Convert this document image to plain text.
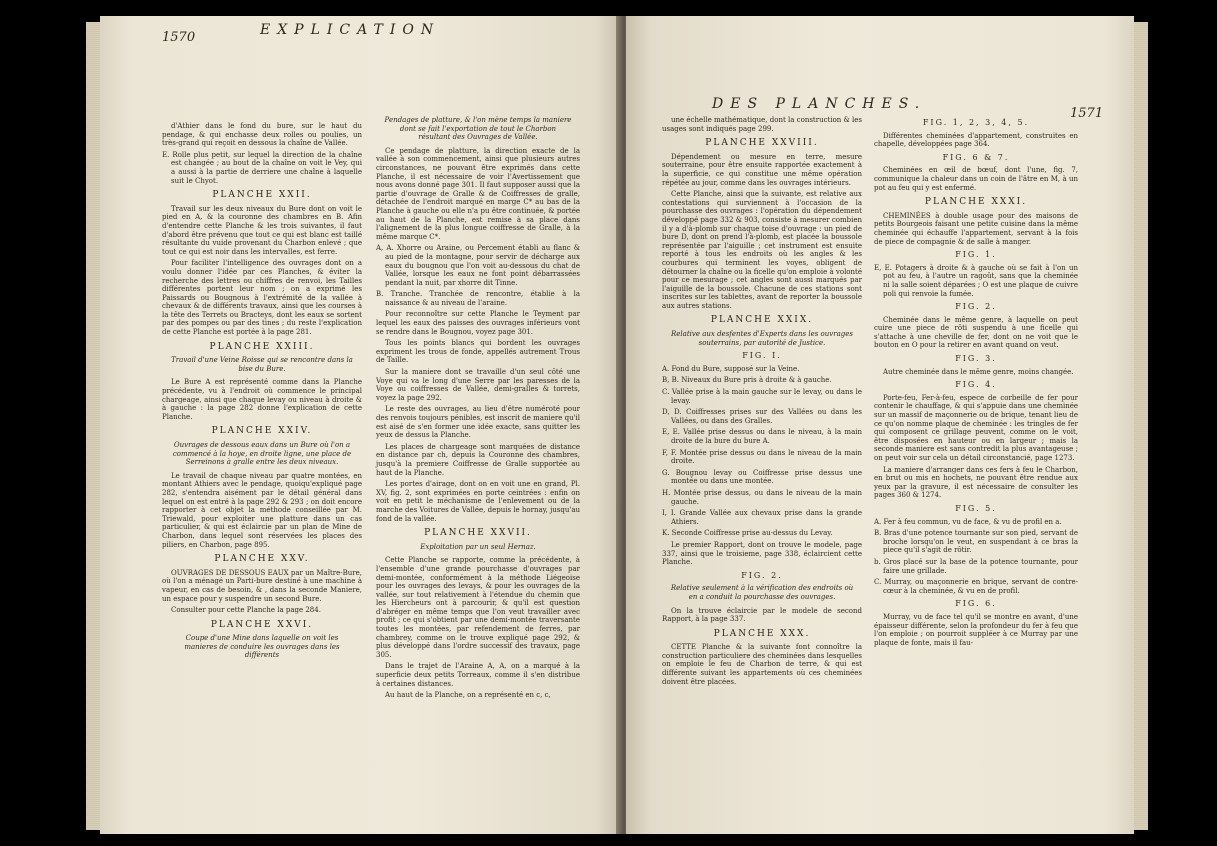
1570	EXPLICATION

d'Athier dans le fond du bure, sur le haut du pendage, & qui enchasse deux rolles ou poulies, un très-grand qui reçoit en dessous la chaîne de Vallée.

E. Rolle plus petit, sur lequel la direction de la chaîne est changée ; au bout de la chaîne on voit le Vey, qui a aussi à la partie de derriere une chaîne à laquelle suit le Chyot.

PLANCHE XXII.

Travail sur les deux niveaux du Bure dont on voit le pied en A, & la couronne des chambres en B. Afin d'entendre cette Planche & les trois suivantes, il faut d'abord être prévenu que tout ce qui est blanc est taillé résultante du vuide provenant du Charbon enlevé ; que tout ce qui est noir dans les intervalles, est ferre.

Pour faciliter l'intelligence des ouvrages dont on a voulu donner l'idée par ces Planches, & éviter la recherche des lettres ou chiffres de renvoi, les Tailles différentes portent leur nom ; on a exprimé les Paissards ou Bougnous à l'extrémité de la vallée à chevaux & de différents travaux, ainsi que les courses à la tête des Terrets ou Bracteys, dont les eaux se sortent par des pompes ou par des tines ; du reste l'explication de cette Planche est portée à la page 281.

PLANCHE XXIII.

Travail d'une Veine Roisse qui se rencontre dans la bise du Bure.

Le Bure A est représenté comme dans la Planche précédente, vu à l'endroit où commence le principal chargeage, ainsi que chaque levay ou niveau à droite & à gauche : la page 282 donne l'explication de cette Planche.

PLANCHE XXIV.

Ouvrages de dessous eaux dans un Bure où l'on a commencé à la hoye, en droite ligne, une place de Serreinons à gralle entre les deux niveaux.

Le travail de chaque niveau par quatre montées, en montant Athiers avec le pendage, quoiqu'expliqué page 282, s'entendra aisément par le détail général dans lequel on est entré à la page 292 & 293 ; on doit encore rapporter à cet objet la méthode conseillée par M. Triewald, pour exploiter une platture dans un cas particulier, & qui est éclaircie par un plan de Mine de Charbon, dans lequel sont réservées les places des piliers, en Charbon, page 895.

PLANCHE XXV.

OUVRAGES DE DESSOUS EAUX par un Maître-Bure, où l'on a ménagé un Parti-bure destiné à une machine à vapeur, en cas de besoin, & , dans la seconde Maniere, un espace pour y suspendre un second Bure.

Consulter pour cette Planche la page 284.

PLANCHE XXVI.

Coupe d'une Mine dans laquelle on voit les manieres de conduire les ouvrages dans les différents

Pendages de platture, & l'on mène temps la maniere dont se fait l'exportation de tout le Charbon résultant des Ouvrages de Vallée.

Ce pendage de platture, la direction exacte de la vallée à son commencement, ainsi que plusieurs autres circonstances, ne pouvant être exprimés dans cette Planche, il est nécessaire de voir l'Avertissement que nous avons donné page 301. Il faut supposer aussi que la partie d'ouvrage de Gralle & de Coiffresses de gralle, détachée de l'endroit marqué en marge C* au bas de la Planche à gauche ou elle n'a pu être continuée, & portée au haut de la Planche, est remise à sa place dans l'alignement de la plus longue coiffresse de Gralle, à la même marque C*.

A, A. Xhorre ou Araine, ou Percement établi au flanc & au pied de la montagne, pour servir de décharge aux eaux du bougnou que l'on voit au-dessous du chat de Vallée, lorsque les eaux ne font point débarrassées pendant la nuit, par xhorre dit Tinne.

B. Tranche. Tranchée de rencontre, établie à la naissance & au niveau de l'araine.

Pour reconnoître sur cette Planche le Teyment par lequel les eaux des paisses des ouvrages inférieurs vont se rendre dans le Bougnou, voyez page 301.

Tous les points blancs qui bordent les ouvrages expriment les trous de fonde, appellés autrement Trous de Taille.

Sur la maniere dont se travaille d'un seul côté une Voye qui va le long d'une Serre par les paresses de la Voye ou coiffresses de Vallée, demi-gralles & torrets, voyez la page 292.

Le reste des ouvrages, au lieu d'être numéroté pour des renvois toujours pénibles, est inscrit de maniere qu'il est aisé de s'en former une idée exacte, sans quitter les yeux de dessus la Planche.

Les places de chargeage sont marquées de distance en distance par ch, depuis la Couronne des chambres, jusqu'à la premiere Coiffresse de Gralle supportée au haut de la Planche.

Les portes d'airage, dont on en voit une en grand, Pl. XV, fig. 2, sont exprimées en porte ceintrées : enfin on voit en petit le méchanisme de l'enlevement ou de la marche des Voitures de Vallée, depuis le hornay, jusqu'au fond de la vallée.

PLANCHE XXVII.

Exploitation par un seul Hernaz.

Cette Planche se rapporte, comme la précédente, à l'ensemble d'une grande pourchasse d'ouvrages par demi-montée, conformément à la méthode Liégeoise pour les ouvrages des levays, & pour les ouvrages de la vallée, sur tout relativement à l'étendue du chemin que les Hiercheurs ont à parcourir, & qu'il est question d'abréger en même temps que l'on veut travailler avec profit ; ce qui s'obtient par une demi-montée traversante toutes les montées, par refendement de ferres, par chambrey, comme on le trouve expliqué page 292, & plus développé dans l'ordre successif des travaux, page 305.

Dans le trajet de l'Araine A, A, on a marqué à la superficie deux petits Torreaux, comme il s'en distribue à certaines distances.

Au haut de la Planche, on a représenté en c, c,

DES PLANCHES.
1571

une échelle mathématique, dont la construction & les usages sont indiqués page 299.

PLANCHE XXVIII.

Dépendement ou mesure en terre, mesure souterraine, pour être ensuite rapportée exactement à la superficie, ce qui constitue une même opération répétée au jour, comme dans les ouvrages intérieurs.

Cette Planche, ainsi que la suivante, est relative aux contestations qui surviennent à l'occasion de la pourchasse des ouvrages : l'opération du dépendement développé page 332 & 903, consiste à mesurer combien il y a d'à-plomb sur chaque toise d'ouvrage : un pied de bure D, dont on prend l'à-plomb, est placée la boussole représentée par l'aiguille ; cet instrument est ensuite reporté à tous les endroits où les angles & les courbures qui terminent les voyes, obligent de détourner la chaîne ou la ficelle qu'on emploie à volonté pour ce mesurage ; cet angles sont aussi marqués par l'aiguille de la boussole. Chacune de ces stations sont inscrites sur les tablettes, avant de reporter la boussole aux autres stations.

PLANCHE XXIX.

Relative aux desfentes d'Experts dans les ouvrages souterrains, par autorité de Justice.

FIG. I.

A. Fond du Bure, supposé sur la Veine.

B, B. Niveaux du Bure pris à droite & à gauche.

C. Vallée prise à la main gauche sur le levay, ou dans le levay.

D, D. Coiffresses prises sur des Vallées ou dans les Vallées, ou dans des Gralles.

E, E. Vallée prise dessus ou dans le niveau, à la main droite de la bure du bure A.

F, F. Montée prise dessus ou dans le niveau de la main droite.

G. Bougnou levay ou Coiffresse prise dessus une montée ou dans une montée.

H. Montée prise dessus, ou dans le niveau de la main gauche.

I, I. Grande Vallée aux chevaux prise dans la grande Athiers.

K. Seconde Coiffresse prise au-dessus du Levay.

Le premier Rapport, dont on trouve le modele, page 337, ainsi que le troisieme, page 338, éclaircient cette Planche.

FIG. 2.

Relative seulement à la vérification des endroits où en a conduit la pourchasse des ouvrages.

On la trouve éclaircie par le modele de second Rapport, à la page 337.

PLANCHE XXX.

CETTE Planche & la suivante font connoître la construction particuliere des cheminées dans lesquelles on emploie le feu de Charbon de terre, & qui est différente suivant les appartements où ces cheminées doivent être placées.

FIG. 1, 2, 3, 4, 5.

Différentes cheminées d'appartement, construites en chapelle, développées page 364.

FIG. 6 & 7.

Cheminées en œil de bœuf, dont l'une, fig. 7, communique la chaleur dans un coin de l'âtre en M, à un pot au feu qui y est enfermé.

PLANCHE XXXI.

CHEMINÉES à double usage pour des maisons de petits Bourgeois faisant une petite cuisine dans la même cheminée qui échauffe l'appartement, servant à la fois de piece de compagnie & de salle à manger.

FIG. 1.

E, E. Potagers à droite & à gauche où se fait à l'on un pot au feu, à l'autre un ragoût, sans que la cheminée ni la salle soient déparées ; O est une plaque de cuivre poli qui renvoie la fumée.

FIG. 2.

Cheminée dans le même genre, à laquelle on peut cuire une piece de rôti suspendu à une ficelle qui s'attache à une cheville de fer, dont on ne voit que le bouton en O pour la retirer en avant quand on veut.

FIG. 3.

Autre cheminée dans le même genre, moins changée.

FIG. 4.

Porte-feu, Fer-à-feu, espece de corbeille de fer pour contenir le chauffage, & qui s'appuie dans une cheminée sur un massif de maçonnerie ou de brique, tenant lieu de ce qu'on nomme plaque de cheminée : les tringles de fer qui composent ce grillage peuvent, comme on le voit, être disposées en hauteur ou en largeur ; mais la seconde maniere est sans contredit la plus avantageuse ; on peut voir sur cela un détail circonstancié, page 1273.

La maniere d'arranger dans ces fers à feu le Charbon, en brut ou mis en hochets, ne pouvant être rendue aux yeux par la gravure, il est nécessaire de consulter les pages 360 & 1274.

FIG. 5.

A. Fer à feu commun, vu de face, & vu de profil en a.

B. Bras d'une potence tournante sur son pied, servant de broche lorsqu'on le veut, en suspendant à ce bras la piece qu'il s'agit de rôtir.

b. Gros placé sur la base de la potence tournante, pour faire une grillade.

C. Murray, ou maçonnerie en brique, servant de contre-cœur à la cheminée, & vu en de profil.

FIG. 6.

Murray, vu de face tel qu'il se montre en avant, d'une épaisseur différente, selon la profondeur du fer à feu que l'on emploie ; on pourroit suppléer à ce Murray par une plaque de fonte, mais il fau-
